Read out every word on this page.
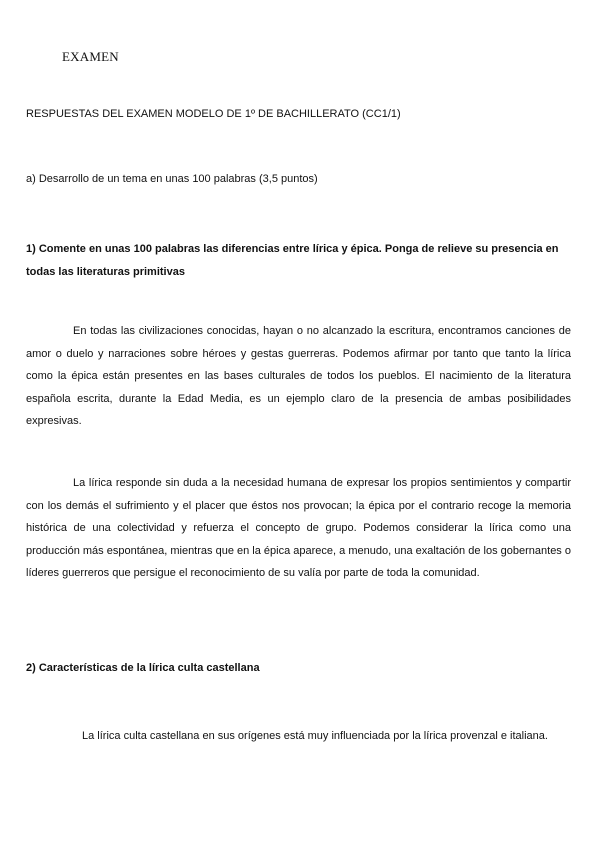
EXAMEN
RESPUESTAS DEL EXAMEN MODELO DE 1º DE BACHILLERATO (CC1/1)
a) Desarrollo de un tema en unas 100 palabras (3,5 puntos)
1) Comente en unas 100 palabras las diferencias entre lírica y épica. Ponga de relieve su presencia en todas las literaturas primitivas

En todas las civilizaciones conocidas, hayan o no alcanzado la escritura, encontramos canciones de amor o duelo y narraciones sobre héroes y gestas guerreras. Podemos afirmar por tanto que tanto la lírica como la épica están presentes en las bases culturales de todos los pueblos. El nacimiento de la literatura española escrita, durante la Edad Media, es un ejemplo claro de la presencia de ambas posibilidades expresivas.

La lírica responde sin duda a la necesidad humana de expresar los propios sentimientos y compartir con los demás el sufrimiento y el placer que éstos nos provocan; la épica por el contrario recoge la memoria histórica de una colectividad y refuerza el concepto de grupo. Podemos considerar la lírica como una producción más espontánea, mientras que en la épica aparece, a menudo, una exaltación de los gobernantes o líderes guerreros que persigue el reconocimiento de su valía por parte de toda la comunidad.

2) Características de la lírica culta castellana

La lírica culta castellana en sus orígenes está muy influenciada por la lírica provenzal e italiana.
